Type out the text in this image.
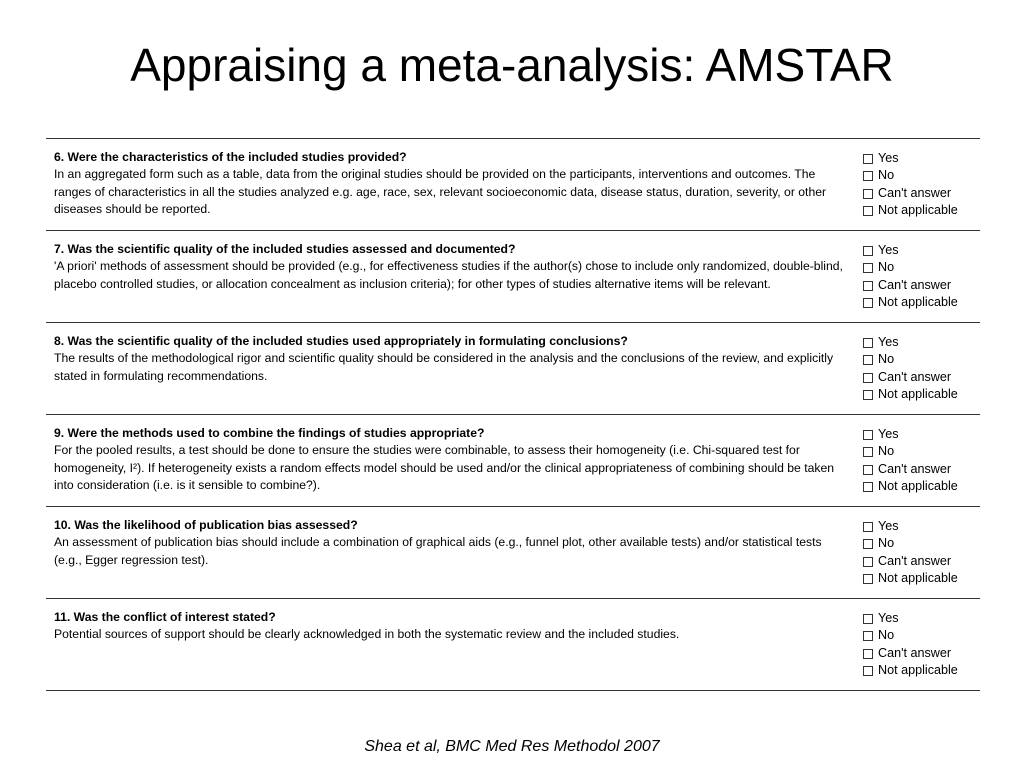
Appraising a meta-analysis: AMSTAR
6. Were the characteristics of the included studies provided?
In an aggregated form such as a table, data from the original studies should be provided on the participants, interventions and outcomes. The ranges of characteristics in all the studies analyzed e.g. age, race, sex, relevant socioeconomic data, disease status, duration, severity, or other diseases should be reported.
Yes
No
Can't answer
Not applicable
7. Was the scientific quality of the included studies assessed and documented?
'A priori' methods of assessment should be provided (e.g., for effectiveness studies if the author(s) chose to include only randomized, double-blind, placebo controlled studies, or allocation concealment as inclusion criteria); for other types of studies alternative items will be relevant.
Yes
No
Can't answer
Not applicable
8. Was the scientific quality of the included studies used appropriately in formulating conclusions?
The results of the methodological rigor and scientific quality should be considered in the analysis and the conclusions of the review, and explicitly stated in formulating recommendations.
Yes
No
Can't answer
Not applicable
9. Were the methods used to combine the findings of studies appropriate?
For the pooled results, a test should be done to ensure the studies were combinable, to assess their homogeneity (i.e. Chi-squared test for homogeneity, I²). If heterogeneity exists a random effects model should be used and/or the clinical appropriateness of combining should be taken into consideration (i.e. is it sensible to combine?).
Yes
No
Can't answer
Not applicable
10. Was the likelihood of publication bias assessed?
An assessment of publication bias should include a combination of graphical aids (e.g., funnel plot, other available tests) and/or statistical tests (e.g., Egger regression test).
Yes
No
Can't answer
Not applicable
11. Was the conflict of interest stated?
Potential sources of support should be clearly acknowledged in both the systematic review and the included studies.
Yes
No
Can't answer
Not applicable
Shea et al, BMC Med Res Methodol 2007
